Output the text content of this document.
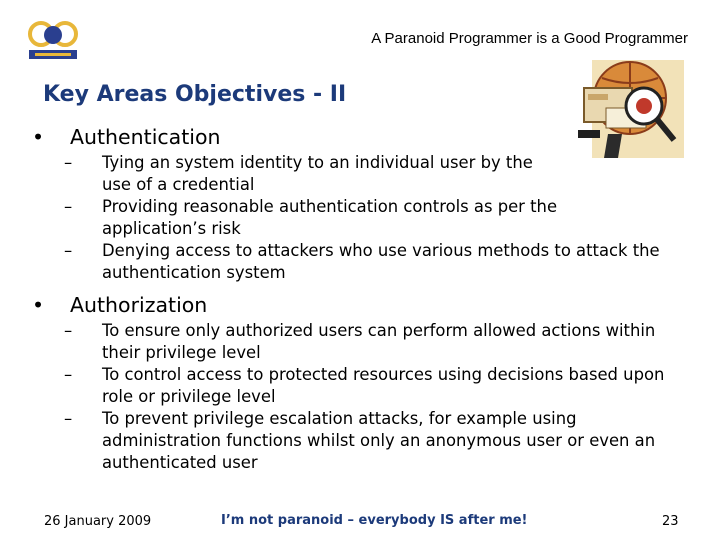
A Paranoid Programmer is a Good Programmer
Key Areas Objectives - II
•	Authentication
–	Tying an system identity to an individual user by the use of a credential
–	Providing reasonable authentication controls as per the application’s risk
–	Denying access to attackers who use various methods to attack the authentication system
•	Authorization
–	To ensure only authorized users can perform allowed actions within their privilege level
–	To control access to protected resources using decisions based upon role or privilege level
–	To prevent privilege escalation attacks, for example using administration functions whilst only an anonymous user or even an authenticated user
26 January 2009	I’m not paranoid – everybody IS after me!	23
